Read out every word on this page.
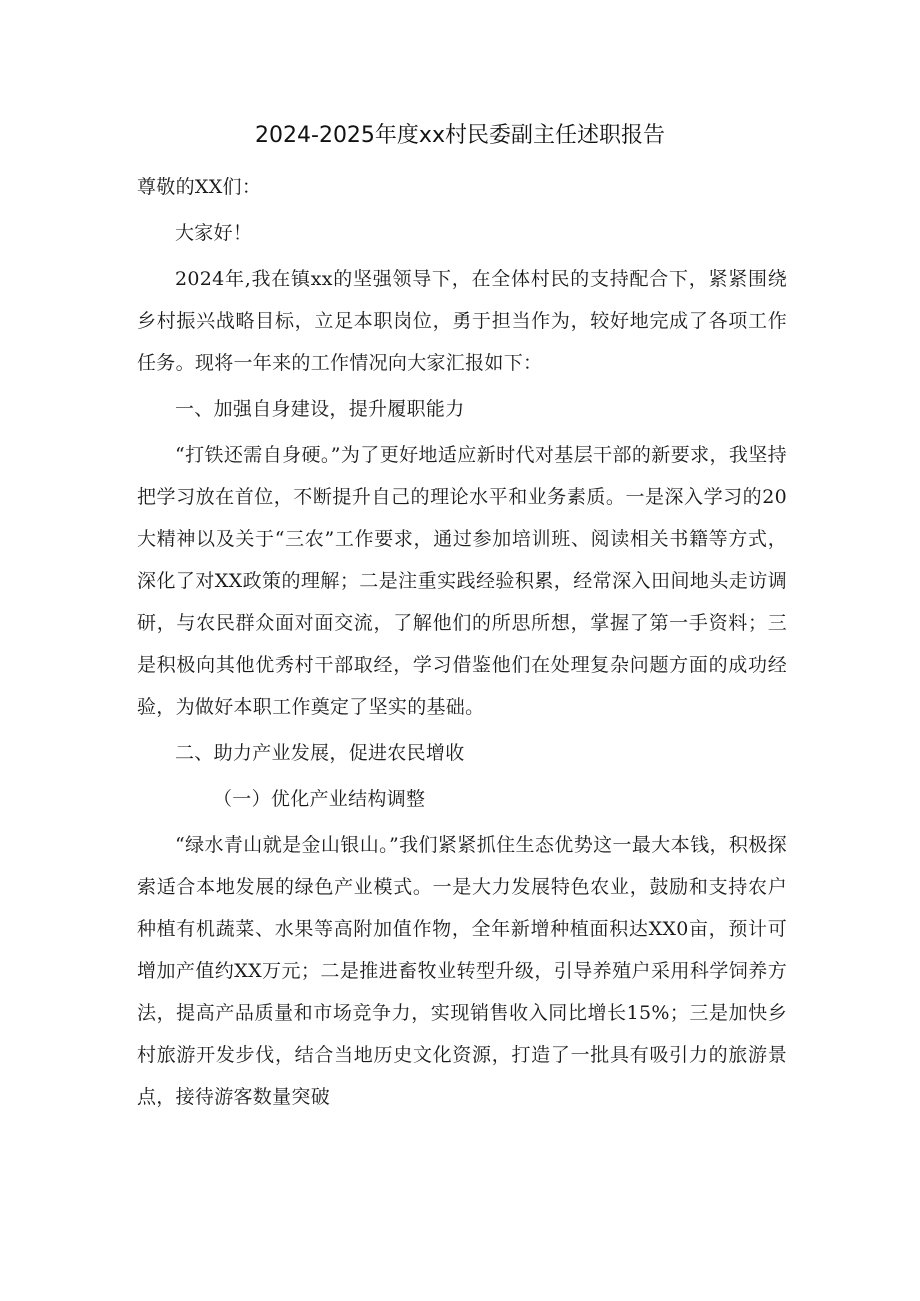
2024-2025年度xx村民委副主任述职报告

尊敬的XX们：

大家好！

2024年,我在镇xx的坚强领导下，在全体村民的支持配合下，紧紧围绕乡村振兴战略目标，立足本职岗位，勇于担当作为，较好地完成了各项工作任务。现将一年来的工作情况向大家汇报如下：

一、加强自身建设，提升履职能力

“打铁还需自身硬。”为了更好地适应新时代对基层干部的新要求，我坚持把学习放在首位，不断提升自己的理论水平和业务素质。一是深入学习的20大精神以及关于“三农”工作要求，通过参加培训班、阅读相关书籍等方式，深化了对XX政策的理解；二是注重实践经验积累，经常深入田间地头走访调研，与农民群众面对面交流，了解他们的所思所想，掌握了第一手资料；三是积极向其他优秀村干部取经，学习借鉴他们在处理复杂问题方面的成功经验，为做好本职工作奠定了坚实的基础。

二、助力产业发展，促进农民增收

（一）优化产业结构调整

“绿水青山就是金山银山。”我们紧紧抓住生态优势这一最大本钱，积极探索适合本地发展的绿色产业模式。一是大力发展特色农业，鼓励和支持农户种植有机蔬菜、水果等高附加值作物，全年新增种植面积达XX0亩，预计可增加产值约XX万元；二是推进畜牧业转型升级，引导养殖户采用科学饲养方法，提高产品质量和市场竞争力，实现销售收入同比增长15%；三是加快乡村旅游开发步伐，结合当地历史文化资源，打造了一批具有吸引力的旅游景点，接待游客数量突破
